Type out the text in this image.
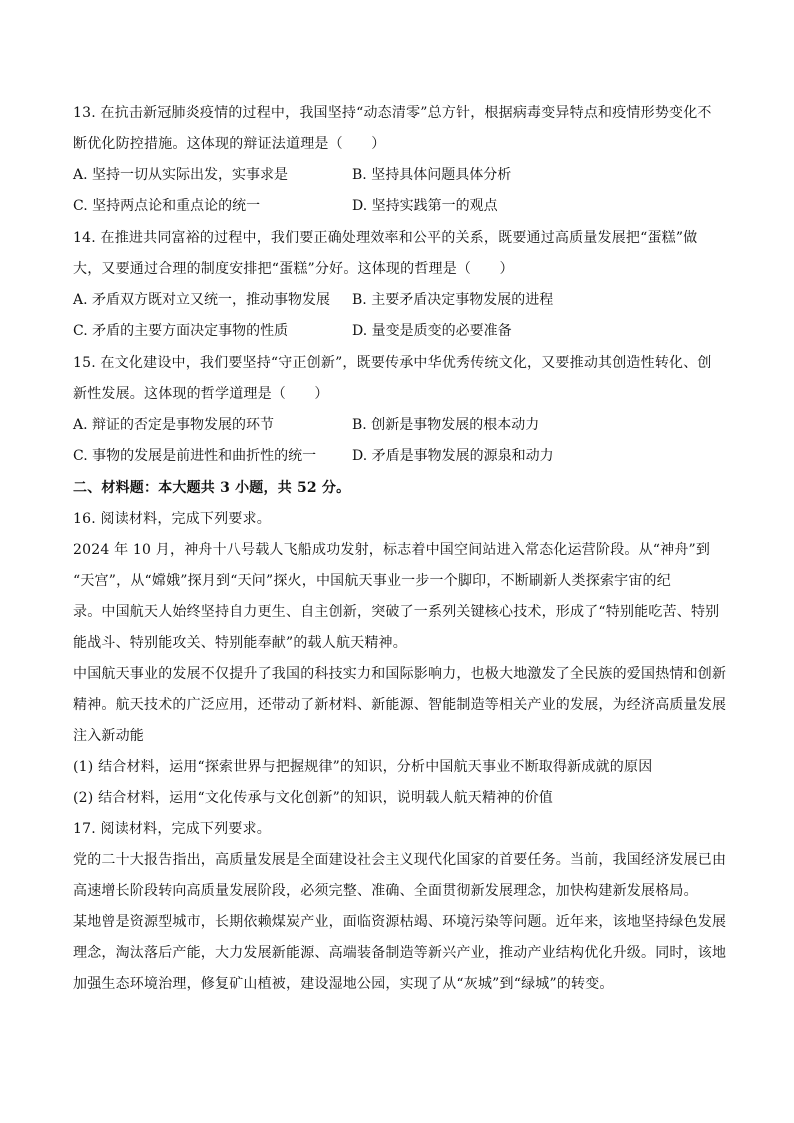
13. 在抗击新冠肺炎疫情的过程中，我国坚持“动态清零”总方针，根据病毒变异特点和疫情形势变化不
断优化防控措施。这体现的辩证法道理是（　　）
A. 坚持一切从实际出发，实事求是	B. 坚持具体问题具体分析
C. 坚持两点论和重点论的统一	D. 坚持实践第一的观点
14. 在推进共同富裕的过程中，我们要正确处理效率和公平的关系，既要通过高质量发展把“蛋糕”做
大，又要通过合理的制度安排把“蛋糕”分好。这体现的哲理是（　　）
A. 矛盾双方既对立又统一，推动事物发展 B. 主要矛盾决定事物发展的进程
C. 矛盾的主要方面决定事物的性质	D. 量变是质变的必要准备
15. 在文化建设中，我们要坚持“守正创新”，既要传承中华优秀传统文化，又要推动其创造性转化、创
新性发展。这体现的哲学道理是（　　）
A. 辩证的否定是事物发展的环节	B. 创新是事物发展的根本动力
C. 事物的发展是前进性和曲折性的统一	D. 矛盾是事物发展的源泉和动力
二、材料题：本大题共 3 小题，共 52 分。
16. 阅读材料，完成下列要求。
2024 年 10 月，神舟十八号载人飞船成功发射，标志着中国空间站进入常态化运营阶段。从“神舟”到
“天宫”，从“嫦娥”探月到“天问”探火，中国航天事业一步一个脚印，不断刷新人类探索宇宙的纪
录。中国航天人始终坚持自力更生、自主创新，突破了一系列关键核心技术，形成了“特别能吃苦、特别
能战斗、特别能攻关、特别能奉献”的载人航天精神。
中国航天事业的发展不仅提升了我国的科技实力和国际影响力，也极大地激发了全民族的爱国热情和创新
精神。航天技术的广泛应用，还带动了新材料、新能源、智能制造等相关产业的发展，为经济高质量发展
注入新动能
(1) 结合材料，运用“探索世界与把握规律”的知识，分析中国航天事业不断取得新成就的原因
(2) 结合材料，运用“文化传承与文化创新”的知识，说明载人航天精神的价值
17. 阅读材料，完成下列要求。
党的二十大报告指出，高质量发展是全面建设社会主义现代化国家的首要任务。当前，我国经济发展已由
高速增长阶段转向高质量发展阶段，必须完整、准确、全面贯彻新发展理念，加快构建新发展格局。
某地曾是资源型城市，长期依赖煤炭产业，面临资源枯竭、环境污染等问题。近年来，该地坚持绿色发展
理念，淘汰落后产能，大力发展新能源、高端装备制造等新兴产业，推动产业结构优化升级。同时，该地
加强生态环境治理，修复矿山植被，建设湿地公园，实现了从“灰城”到“绿城”的转变。
